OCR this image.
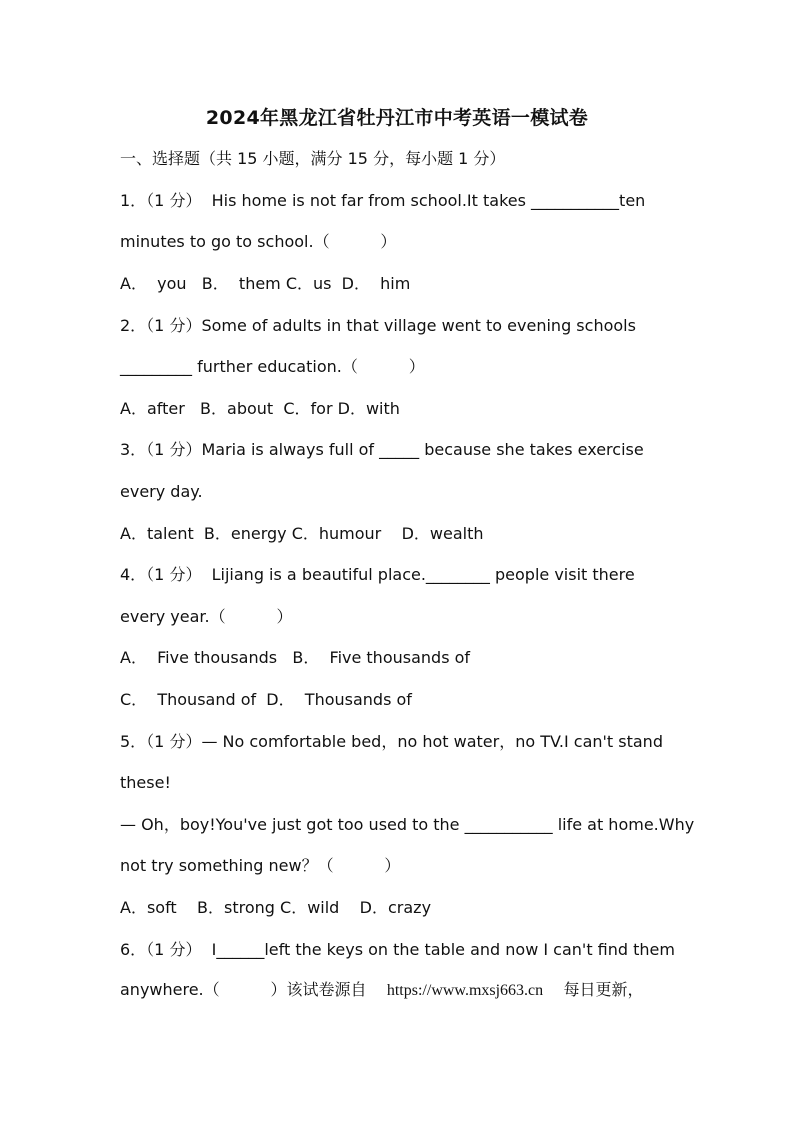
2024年黑龙江省牡丹江市中考英语一模试卷
一、选择题（共 15 小题，满分 15 分，每小题 1 分）
1．（1 分）  His home is not far from school.It takes ___________ten
minutes to go to school.（          ）
A．  you   B．  them C．us  D．  him
2．（1 分）Some of adults in that village went to evening schools
_________ further education.（          ）
A．after   B．about  C．for D．with
3．（1 分）Maria is always full of _____ because she takes exercise
every day.
A．talent  B．energy C．humour    D．wealth
4．（1 分）  Lijiang is a beautiful place.________ people visit there
every year.（          ）
A．  Five thousands   B．  Five thousands of
C．  Thousand of  D．  Thousands of
5．（1 分）— No comfortable bed，no hot water，no TV.I can't stand
these!
— Oh，boy!You've just got too used to the ___________ life at home.Why
not try something new？（          ）
A．soft    B．strong C．wild    D．crazy
6．（1 分）  I______left the keys on the table and now I can't find them
anywhere.（          ）该试卷源自 https://www.mxsj663.cn 每日更新，
